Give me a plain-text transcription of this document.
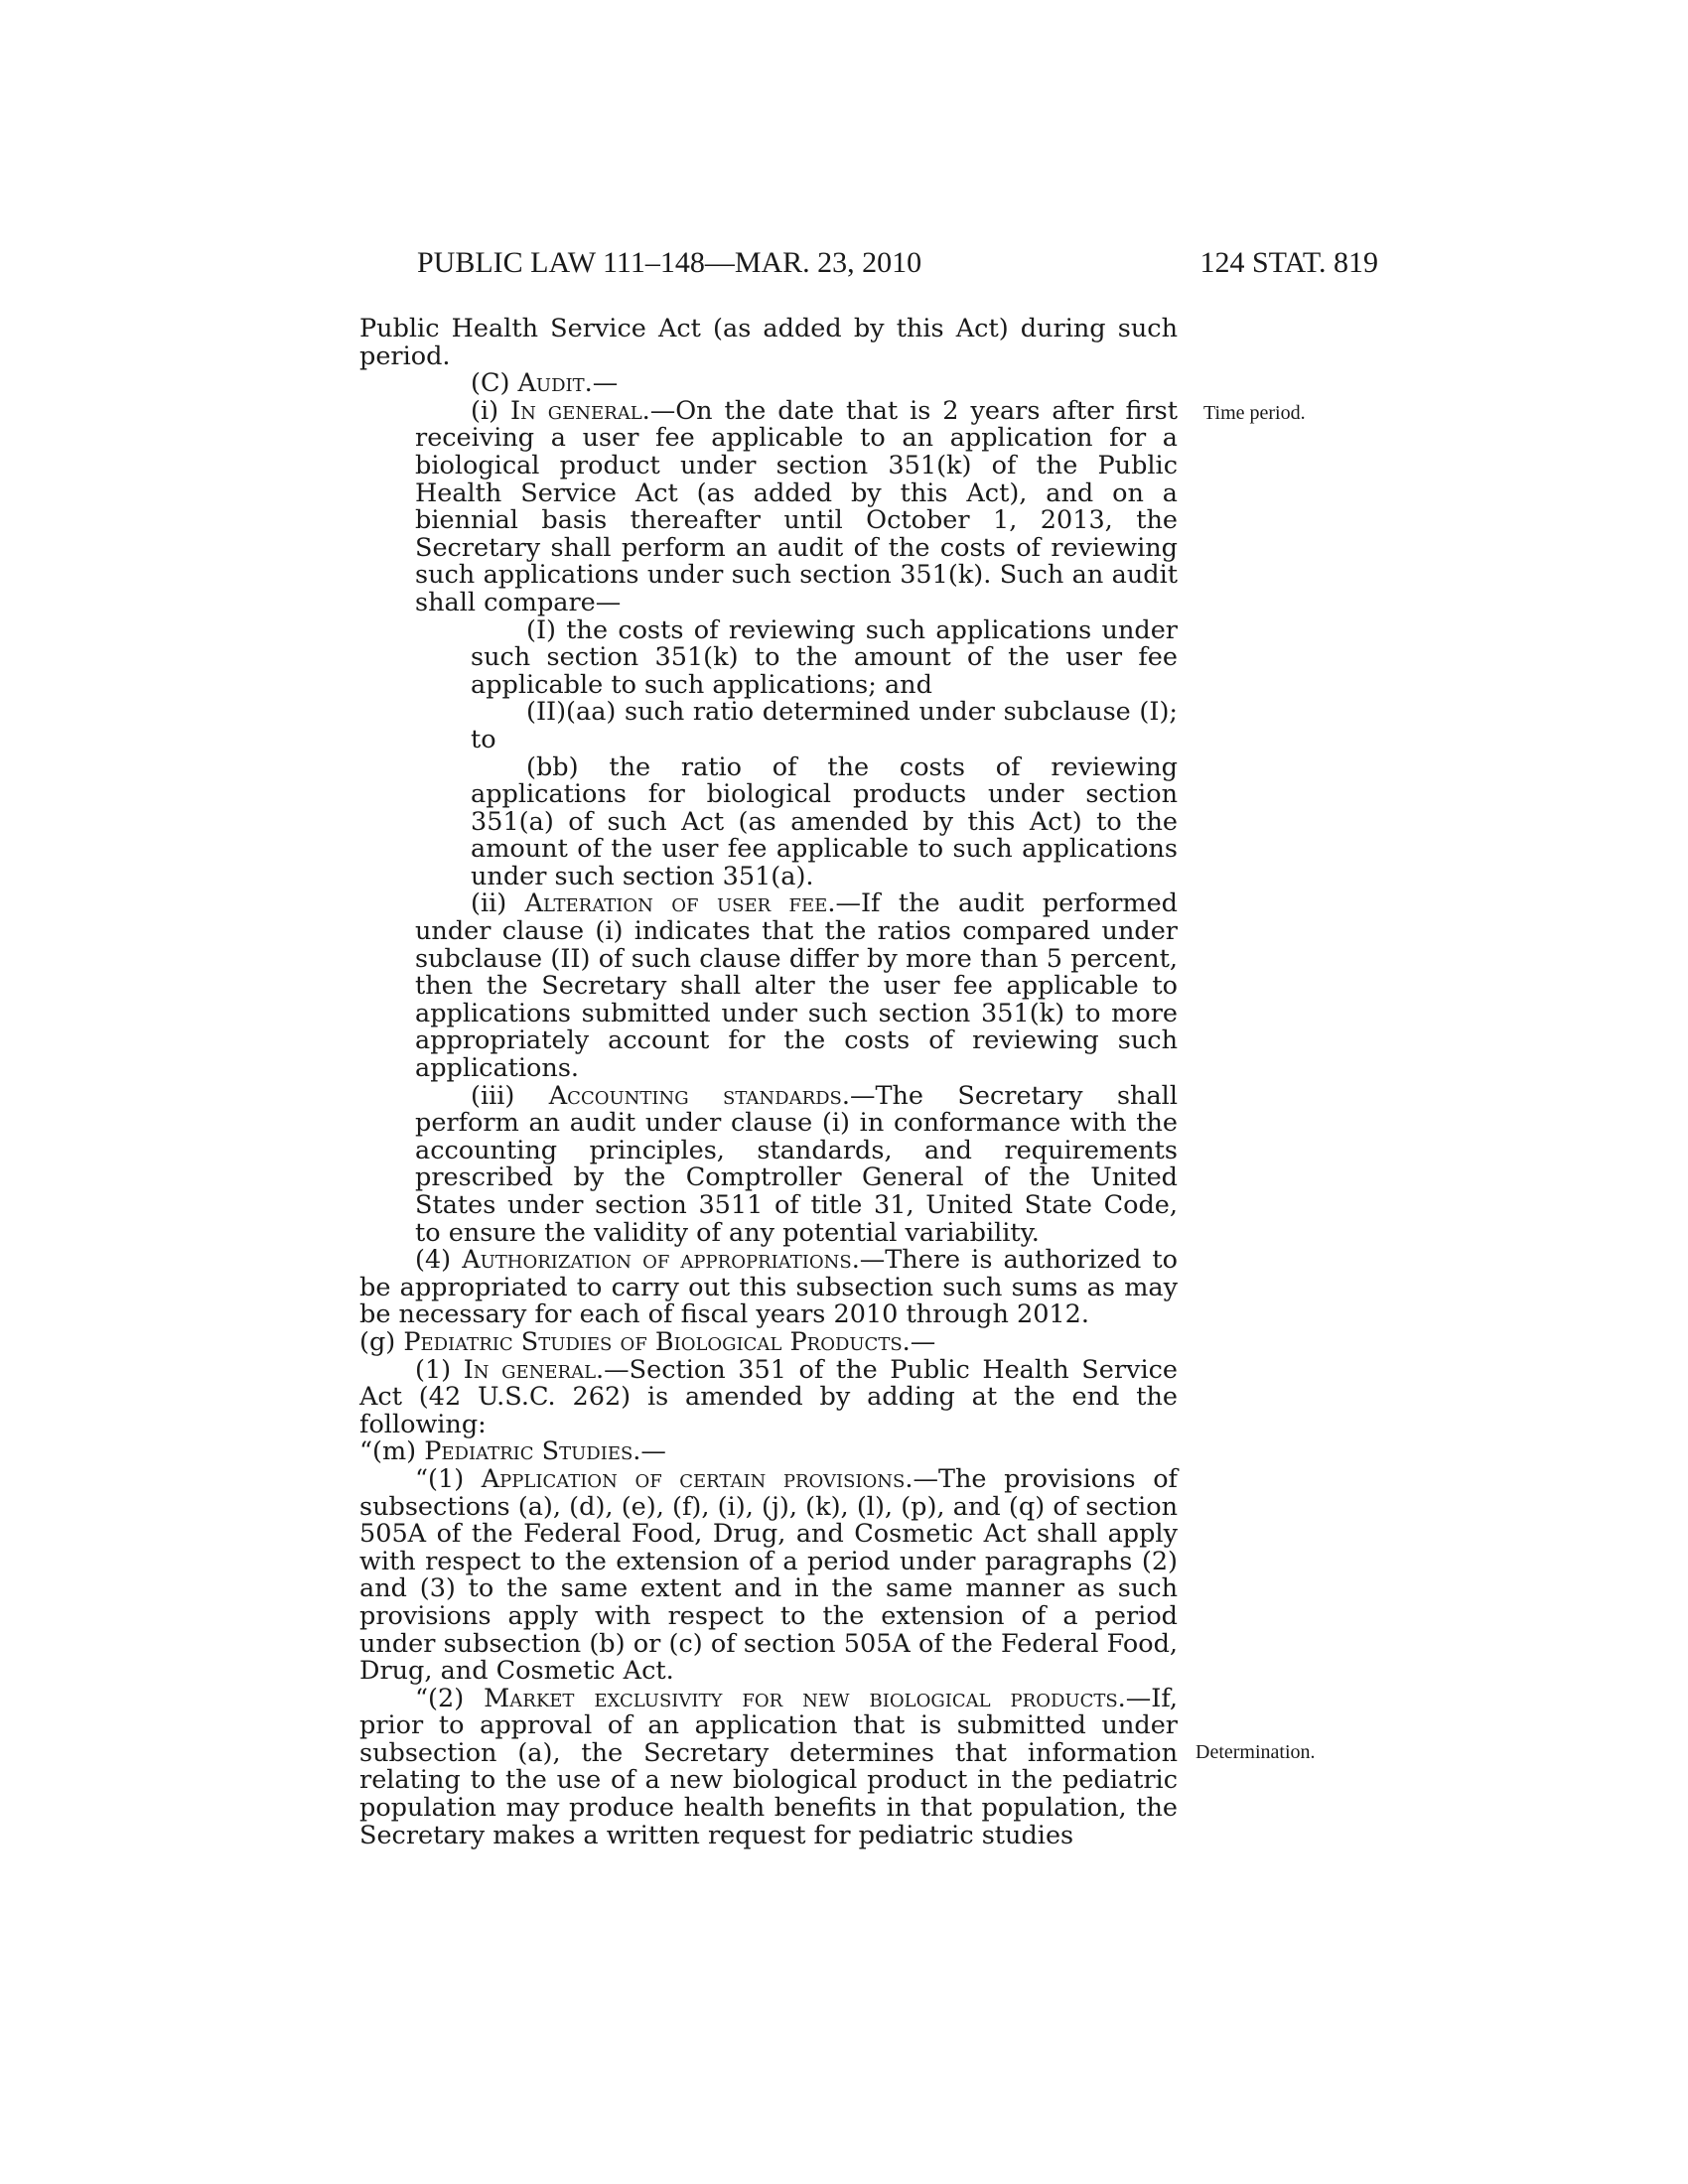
PUBLIC LAW 111–148—MAR. 23, 2010	124 STAT. 819
Time period.
Determination.

Public Health Service Act (as added by this Act) during such period.

(C) Audit.—

(i) In general.—On the date that is 2 years after first receiving a user fee applicable to an application for a biological product under section 351(k) of the Public Health Service Act (as added by this Act), and on a biennial basis thereafter until October 1, 2013, the Secretary shall perform an audit of the costs of reviewing such applications under such section 351(k). Such an audit shall compare—

(I) the costs of reviewing such applications under such section 351(k) to the amount of the user fee applicable to such applications; and

(II)(aa) such ratio determined under subclause (I); to

(bb) the ratio of the costs of reviewing applications for biological products under section 351(a) of such Act (as amended by this Act) to the amount of the user fee applicable to such applications under such section 351(a).

(ii) Alteration of user fee.—If the audit performed under clause (i) indicates that the ratios compared under subclause (II) of such clause differ by more than 5 percent, then the Secretary shall alter the user fee applicable to applications submitted under such section 351(k) to more appropriately account for the costs of reviewing such applications.

(iii) Accounting standards.—The Secretary shall perform an audit under clause (i) in conformance with the accounting principles, standards, and requirements prescribed by the Comptroller General of the United States under section 3511 of title 31, United State Code, to ensure the validity of any potential variability.

(4) Authorization of appropriations.—There is authorized to be appropriated to carry out this subsection such sums as may be necessary for each of fiscal years 2010 through 2012.

(g) Pediatric Studies of Biological Products.—

(1) In general.—Section 351 of the Public Health Service Act (42 U.S.C. 262) is amended by adding at the end the following:

“(m) Pediatric Studies.—

“(1) Application of certain provisions.—The provisions of subsections (a), (d), (e), (f), (i), (j), (k), (l), (p), and (q) of section 505A of the Federal Food, Drug, and Cosmetic Act shall apply with respect to the extension of a period under paragraphs (2) and (3) to the same extent and in the same manner as such provisions apply with respect to the extension of a period under subsection (b) or (c) of section 505A of the Federal Food, Drug, and Cosmetic Act.

“(2) Market exclusivity for new biological products.—If, prior to approval of an application that is submitted under subsection (a), the Secretary determines that information relating to the use of a new biological product in the pediatric population may produce health benefits in that population, the Secretary makes a written request for pediatric studies
